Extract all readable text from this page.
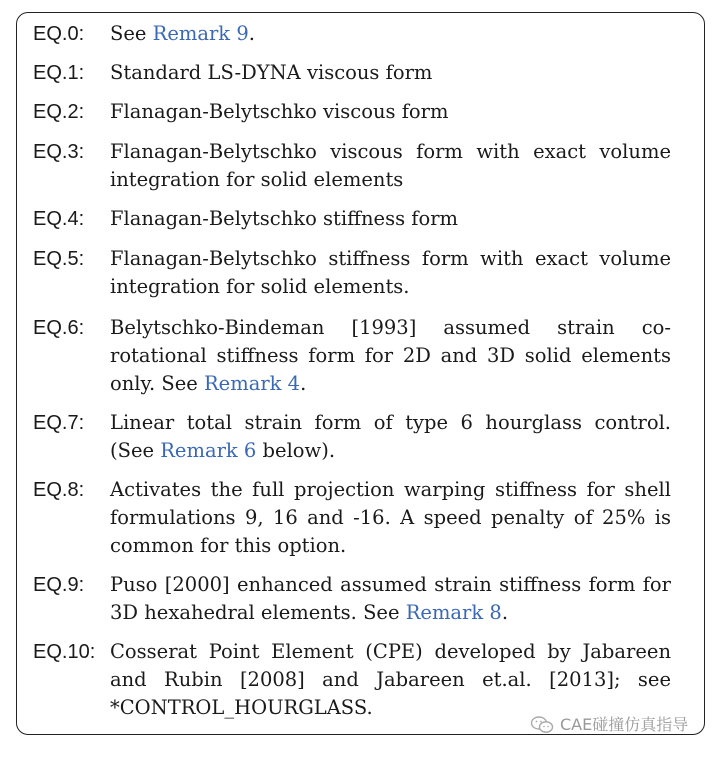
EQ.0: See Remark 9.
EQ.1: Standard LS-DYNA viscous form
EQ.2: Flanagan-Belytschko viscous form
EQ.3: Flanagan-Belytschko viscous form with exact volume integration for solid elements
EQ.4: Flanagan-Belytschko stiffness form
EQ.5: Flanagan-Belytschko stiffness form with exact volume integration for solid elements.
EQ.6: Belytschko-Bindeman [1993] assumed strain co-rotational stiffness form for 2D and 3D solid elements only. See Remark 4.
EQ.7: Linear total strain form of type 6 hourglass control. (See Remark 6 below).
EQ.8: Activates the full projection warping stiffness for shell formulations 9, 16 and -16. A speed penalty of 25% is common for this option.
EQ.9: Puso [2000] enhanced assumed strain stiffness form for 3D hexahedral elements. See Remark 8.
EQ.10: Cosserat Point Element (CPE) developed by Jabareen and Rubin [2008] and Jabareen et.al. [2013]; see *CONTROL_HOURGLASS.
CAE碰撞仿真指导
